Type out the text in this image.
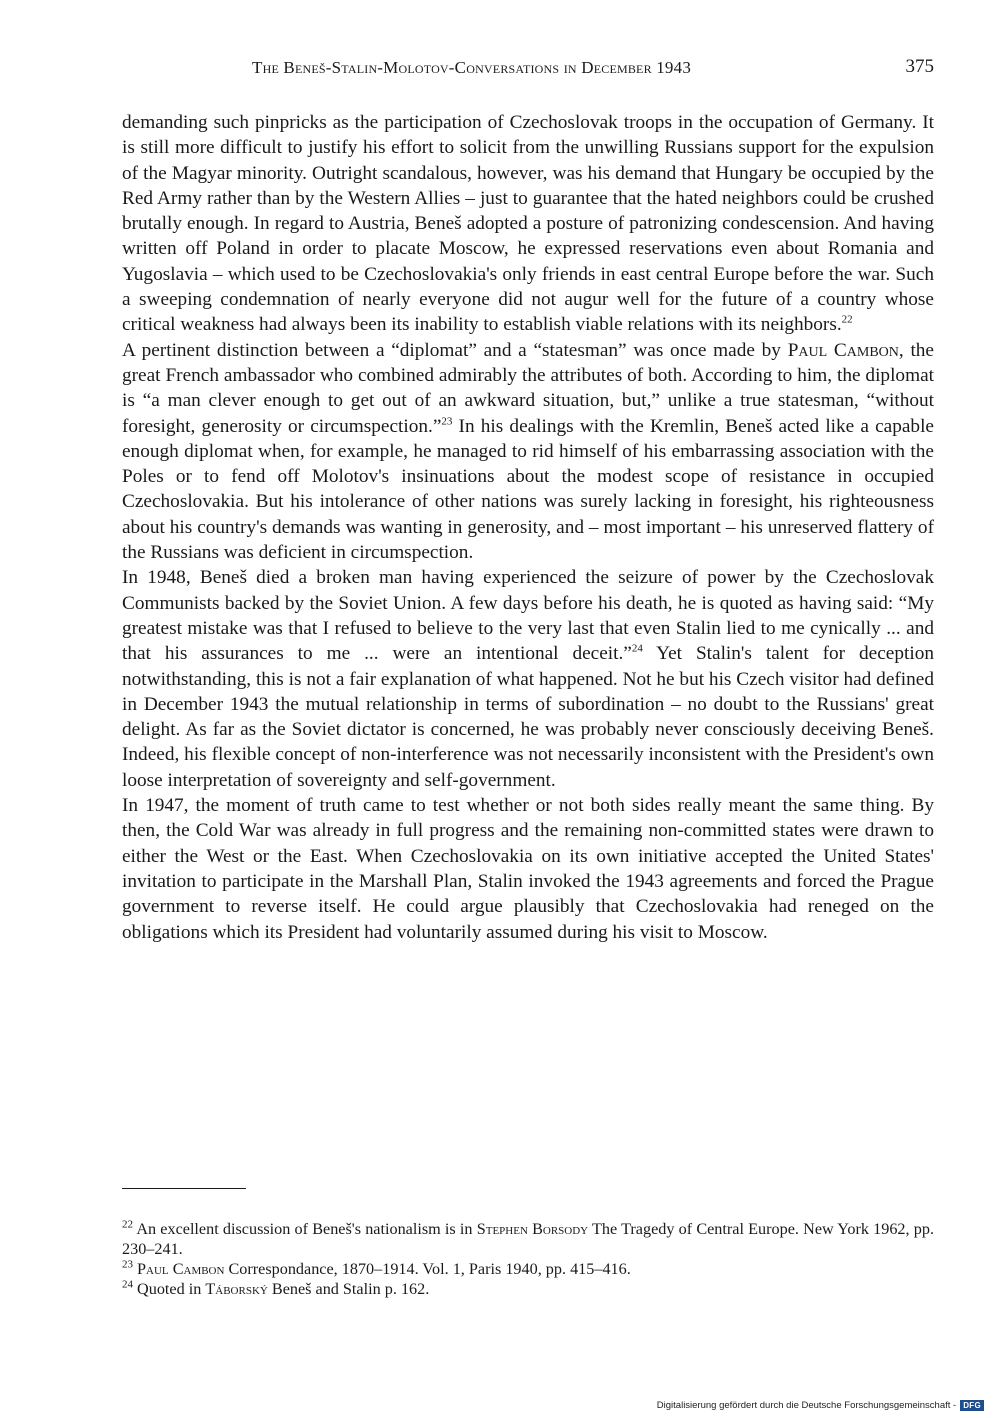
The Beneš-Stalin-Molotov-Conversations in December 1943	375

demanding such pinpricks as the participation of Czechoslovak troops in the occupation of Germany. It is still more difficult to justify his effort to solicit from the unwilling Russians support for the expulsion of the Magyar minority. Outright scandalous, however, was his demand that Hungary be occupied by the Red Army rather than by the Western Allies – just to guarantee that the hated neighbors could be crushed brutally enough. In regard to Austria, Beneš adopted a posture of patronizing condescension. And having written off Poland in order to placate Moscow, he expressed reservations even about Romania and Yugoslavia – which used to be Czechoslovakia's only friends in east central Europe before the war. Such a sweeping condemnation of nearly everyone did not augur well for the future of a country whose critical weakness had always been its inability to establish viable relations with its neighbors.$^{22}$

A pertinent distinction between a “diplomat” and a “statesman” was once made by Paul Cambon, the great French ambassador who combined admirably the attributes of both. According to him, the diplomat is “a man clever enough to get out of an awkward situation, but,” unlike a true statesman, “without foresight, generosity or circumspection.”$^{23}$ In his dealings with the Kremlin, Beneš acted like a capable enough diplomat when, for example, he managed to rid himself of his embarrassing association with the Poles or to fend off Molotov's insinuations about the modest scope of resistance in occupied Czechoslovakia. But his intolerance of other nations was surely lacking in foresight, his righteousness about his country's demands was wanting in generosity, and – most important – his unreserved flattery of the Russians was deficient in circumspection.

In 1948, Beneš died a broken man having experienced the seizure of power by the Czechoslovak Communists backed by the Soviet Union. A few days before his death, he is quoted as having said: “My greatest mistake was that I refused to believe to the very last that even Stalin lied to me cynically ... and that his assurances to me ... were an intentional deceit.”$^{24}$ Yet Stalin's talent for deception notwithstanding, this is not a fair explanation of what happened. Not he but his Czech visitor had defined in December 1943 the mutual relationship in terms of subordination – no doubt to the Russians' great delight. As far as the Soviet dictator is concerned, he was probably never consciously deceiving Beneš. Indeed, his flexible concept of non-interference was not necessarily inconsistent with the President's own loose interpretation of sovereignty and self-government.

In 1947, the moment of truth came to test whether or not both sides really meant the same thing. By then, the Cold War was already in full progress and the remaining non-committed states were drawn to either the West or the East. When Czechoslovakia on its own initiative accepted the United States' invitation to participate in the Marshall Plan, Stalin invoked the 1943 agreements and forced the Prague government to reverse itself. He could argue plausibly that Czechoslovakia had reneged on the obligations which its President had voluntarily assumed during his visit to Moscow.

$^{22}$ An excellent discussion of Beneš's nationalism is in Stephen Borsody The Tragedy of Central Europe. New York 1962, pp. 230–241.

$^{23}$ Paul Cambon Correspondance, 1870–1914. Vol. 1, Paris 1940, pp. 415–416.

$^{24}$ Quoted in Táborský Beneš and Stalin p. 162.

Digitalisierung gefördert durch die Deutsche Forschungsgemeinschaft - DFG
